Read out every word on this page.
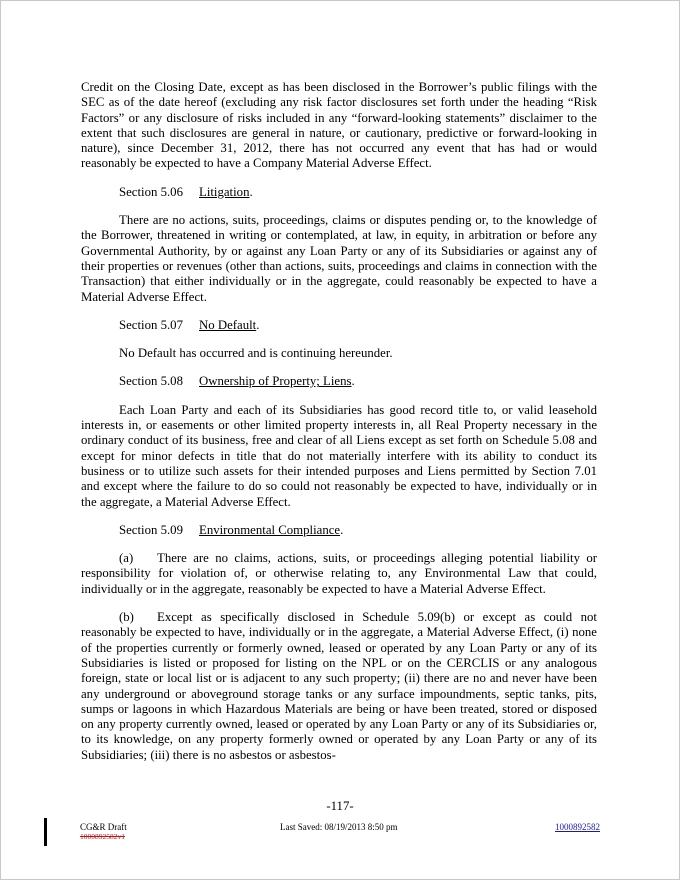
Credit on the Closing Date, except as has been disclosed in the Borrower’s public filings with the SEC as of the date hereof (excluding any risk factor disclosures set forth under the heading “Risk Factors” or any disclosure of risks included in any “forward-looking statements” disclaimer to the extent that such disclosures are general in nature, or cautionary, predictive or forward-looking in nature), since December 31, 2012, there has not occurred any event that has had or would reasonably be expected to have a Company Material Adverse Effect.

Section 5.06 Litigation.

There are no actions, suits, proceedings, claims or disputes pending or, to the knowledge of the Borrower, threatened in writing or contemplated, at law, in equity, in arbitration or before any Governmental Authority, by or against any Loan Party or any of its Subsidiaries or against any of their properties or revenues (other than actions, suits, proceedings and claims in connection with the Transaction) that either individually or in the aggregate, could reasonably be expected to have a Material Adverse Effect.

Section 5.07 No Default.

No Default has occurred and is continuing hereunder.

Section 5.08 Ownership of Property; Liens.

Each Loan Party and each of its Subsidiaries has good record title to, or valid leasehold interests in, or easements or other limited property interests in, all Real Property necessary in the ordinary conduct of its business, free and clear of all Liens except as set forth on Schedule 5.08 and except for minor defects in title that do not materially interfere with its ability to conduct its business or to utilize such assets for their intended purposes and Liens permitted by Section 7.01 and except where the failure to do so could not reasonably be expected to have, individually or in the aggregate, a Material Adverse Effect.

Section 5.09 Environmental Compliance.

(a) There are no claims, actions, suits, or proceedings alleging potential liability or responsibility for violation of, or otherwise relating to, any Environmental Law that could, individually or in the aggregate, reasonably be expected to have a Material Adverse Effect.

(b) Except as specifically disclosed in Schedule 5.09(b) or except as could not reasonably be expected to have, individually or in the aggregate, a Material Adverse Effect, (i) none of the properties currently or formerly owned, leased or operated by any Loan Party or any of its Subsidiaries is listed or proposed for listing on the NPL or on the CERCLIS or any analogous foreign, state or local list or is adjacent to any such property; (ii) there are no and never have been any underground or aboveground storage tanks or any surface impoundments, septic tanks, pits, sumps or lagoons in which Hazardous Materials are being or have been treated, stored or disposed on any property currently owned, leased or operated by any Loan Party or any of its Subsidiaries or, to its knowledge, on any property formerly owned or operated by any Loan Party or any of its Subsidiaries; (iii) there is no asbestos or asbestos-

-117-
CG&R Draft
1000892582v1
Last Saved: 08/19/2013 8:50 pm	1000892582
